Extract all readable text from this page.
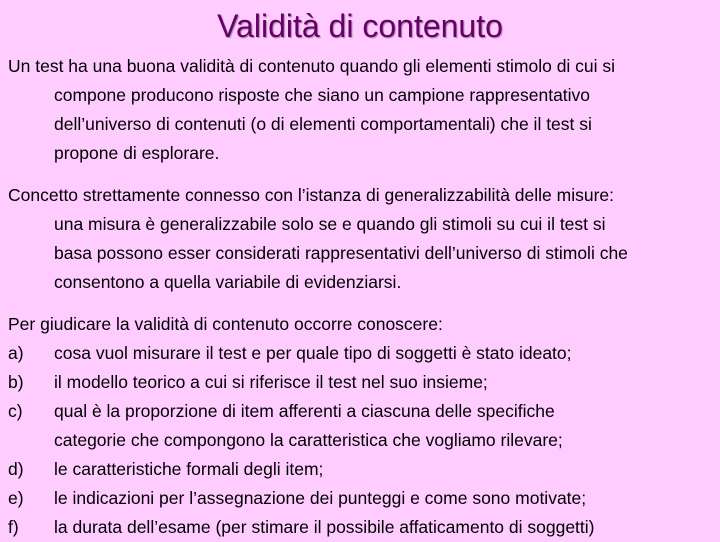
Validità di contenuto
Un test ha una buona validità di contenuto quando gli elementi stimolo di cui si
compone producono risposte che siano un campione rappresentativo
dell’universo di contenuti (o di elementi comportamentali) che il test si
propone di esplorare.
Concetto strettamente connesso con l’istanza di generalizzabilità delle misure:
una misura è generalizzabile solo se e quando gli stimoli su cui il test si
basa possono esser considerati rappresentativi dell’universo di stimoli che
consentono a quella variabile di evidenziarsi.
Per giudicare la validità di contenuto occorre conoscere:
a)	cosa vuol misurare il test e per quale tipo di soggetti è stato ideato;
b)	il modello teorico a cui si riferisce il test nel suo insieme;
c)	qual è la proporzione di item afferenti a ciascuna delle specifiche
categorie che compongono la caratteristica che vogliamo rilevare;
d)	le caratteristiche formali degli item;
e)	le indicazioni per l’assegnazione dei punteggi e come sono motivate;
f)	la durata dell’esame (per stimare il possibile affaticamento di soggetti)
